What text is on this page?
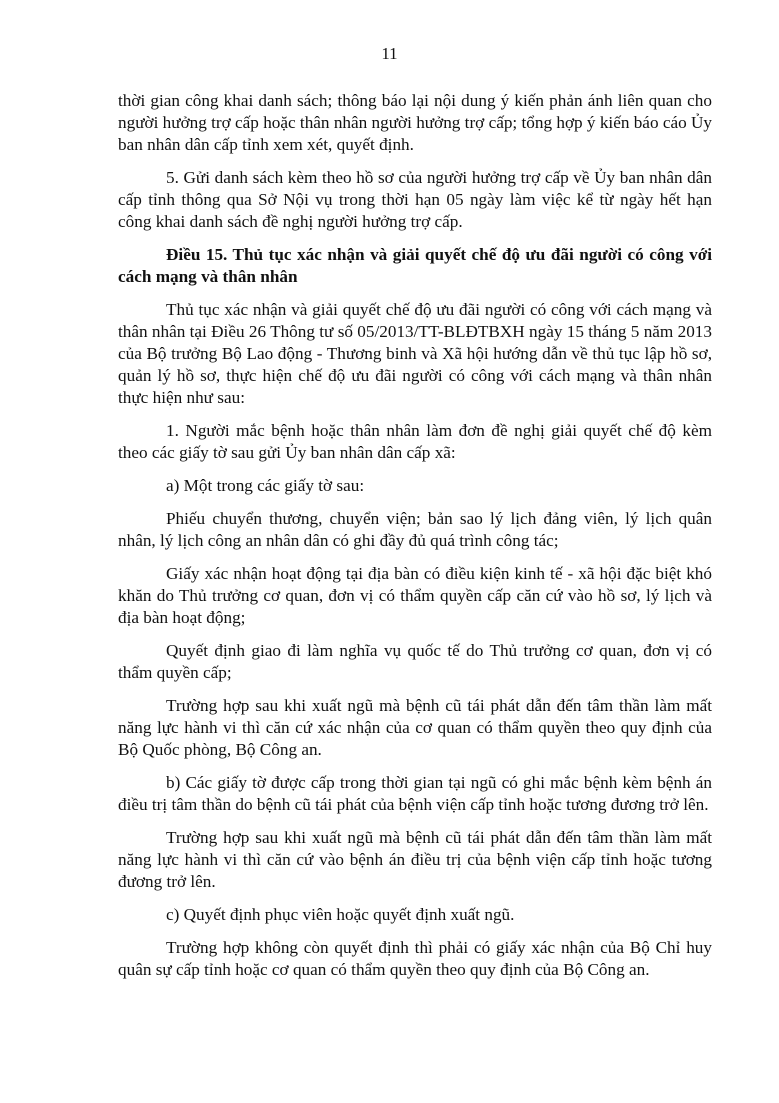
11

thời gian công khai danh sách; thông báo lại nội dung ý kiến phản ánh liên quan cho người hưởng trợ cấp hoặc thân nhân người hưởng trợ cấp; tổng hợp ý kiến báo cáo Ủy ban nhân dân cấp tỉnh xem xét, quyết định.

5. Gửi danh sách kèm theo hồ sơ của người hưởng trợ cấp về Ủy ban nhân dân cấp tỉnh thông qua Sở Nội vụ trong thời hạn 05 ngày làm việc kể từ ngày hết hạn công khai danh sách đề nghị người hưởng trợ cấp.

Điều 15. Thủ tục xác nhận và giải quyết chế độ ưu đãi người có công với cách mạng và thân nhân

Thủ tục xác nhận và giải quyết chế độ ưu đãi người có công với cách mạng và thân nhân tại Điều 26 Thông tư số 05/2013/TT-BLĐTBXH ngày 15 tháng 5 năm 2013 của Bộ trưởng Bộ Lao động - Thương binh và Xã hội hướng dẫn về thủ tục lập hồ sơ, quản lý hồ sơ, thực hiện chế độ ưu đãi người có công với cách mạng và thân nhân thực hiện như sau:

1. Người mắc bệnh hoặc thân nhân làm đơn đề nghị giải quyết chế độ kèm theo các giấy tờ sau gửi Ủy ban nhân dân cấp xã:

a) Một trong các giấy tờ sau:

Phiếu chuyển thương, chuyển viện; bản sao lý lịch đảng viên, lý lịch quân nhân, lý lịch công an nhân dân có ghi đầy đủ quá trình công tác;

Giấy xác nhận hoạt động tại địa bàn có điều kiện kinh tế - xã hội đặc biệt khó khăn do Thủ trưởng cơ quan, đơn vị có thẩm quyền cấp căn cứ vào hồ sơ, lý lịch và địa bàn hoạt động;

Quyết định giao đi làm nghĩa vụ quốc tế do Thủ trưởng cơ quan, đơn vị có thẩm quyền cấp;

Trường hợp sau khi xuất ngũ mà bệnh cũ tái phát dẫn đến tâm thần làm mất năng lực hành vi thì căn cứ xác nhận của cơ quan có thẩm quyền theo quy định của Bộ Quốc phòng, Bộ Công an.

b) Các giấy tờ được cấp trong thời gian tại ngũ có ghi mắc bệnh kèm bệnh án điều trị tâm thần do bệnh cũ tái phát của bệnh viện cấp tỉnh hoặc tương đương trở lên.

Trường hợp sau khi xuất ngũ mà bệnh cũ tái phát dẫn đến tâm thần làm mất năng lực hành vi thì căn cứ vào bệnh án điều trị của bệnh viện cấp tỉnh hoặc tương đương trở lên.

c) Quyết định phục viên hoặc quyết định xuất ngũ.

Trường hợp không còn quyết định thì phải có giấy xác nhận của Bộ Chỉ huy quân sự cấp tỉnh hoặc cơ quan có thẩm quyền theo quy định của Bộ Công an.
